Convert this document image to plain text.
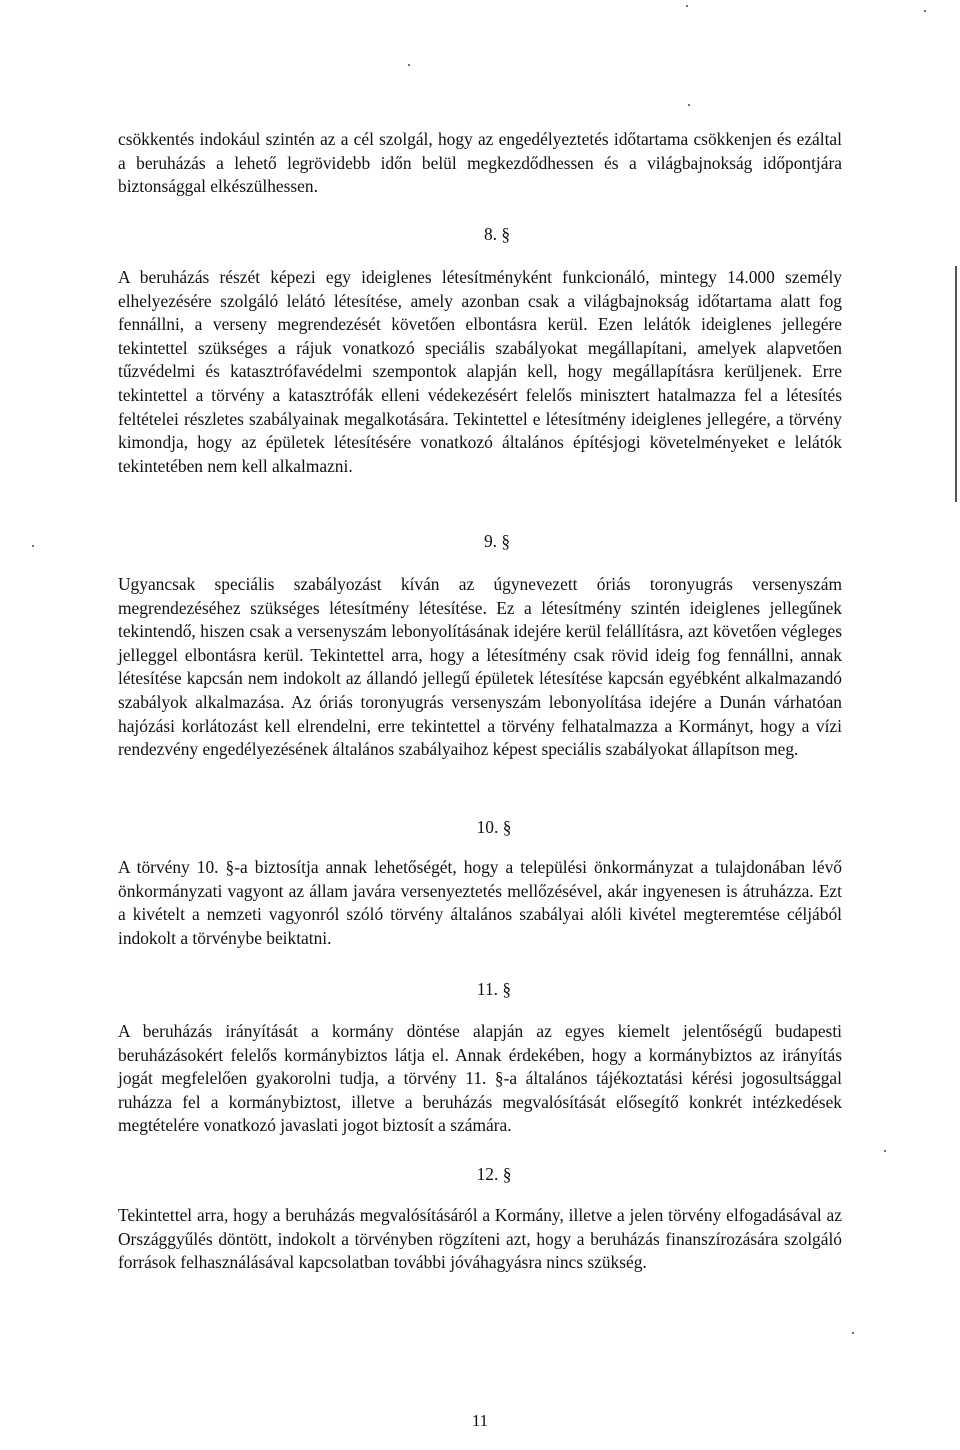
csökkentés indokául szintén az a cél szolgál, hogy az engedélyeztetés időtartama csökkenjen és ezáltal a beruházás a lehető legrövidebb időn belül megkezdődhessen és a világbajnokság időpontjára biztonsággal elkészülhessen.

8. §

A beruházás részét képezi egy ideiglenes létesítményként funkcionáló, mintegy 14.000 személy elhelyezésére szolgáló lelátó létesítése, amely azonban csak a világbajnokság időtartama alatt fog fennállni, a verseny megrendezését követően elbontásra kerül. Ezen lelátók ideiglenes jellegére tekintettel szükséges a rájuk vonatkozó speciális szabályokat megállapítani, amelyek alapvetően tűzvédelmi és katasztrófavédelmi szempontok alapján kell, hogy megállapításra kerüljenek. Erre tekintettel a törvény a katasztrófák elleni védekezésért felelős minisztert hatalmazza fel a létesítés feltételei részletes szabályainak megalkotására. Tekintettel e létesítmény ideiglenes jellegére, a törvény kimondja, hogy az épületek létesítésére vonatkozó általános építésjogi követelményeket e lelátók tekintetében nem kell alkalmazni.

9. §

Ugyancsak speciális szabályozást kíván az úgynevezett óriás toronyugrás versenyszám megrendezéséhez szükséges létesítmény létesítése. Ez a létesítmény szintén ideiglenes jellegűnek tekintendő, hiszen csak a versenyszám lebonyolításának idejére kerül felállításra, azt követően végleges jelleggel elbontásra kerül. Tekintettel arra, hogy a létesítmény csak rövid ideig fog fennállni, annak létesítése kapcsán nem indokolt az állandó jellegű épületek létesítése kapcsán egyébként alkalmazandó szabályok alkalmazása. Az óriás toronyugrás versenyszám lebonyolítása idejére a Dunán várhatóan hajózási korlátozást kell elrendelni, erre tekintettel a törvény felhatalmazza a Kormányt, hogy a vízi rendezvény engedélyezésének általános szabályaihoz képest speciális szabályokat állapítson meg.

10. §

A törvény 10. §-a biztosítja annak lehetőségét, hogy a települési önkormányzat a tulajdonában lévő önkormányzati vagyont az állam javára versenyeztetés mellőzésével, akár ingyenesen is átruházza. Ezt a kivételt a nemzeti vagyonról szóló törvény általános szabályai alóli kivétel megteremtése céljából indokolt a törvénybe beiktatni.

11. §

A beruházás irányítását a kormány döntése alapján az egyes kiemelt jelentőségű budapesti beruházásokért felelős kormánybiztos látja el. Annak érdekében, hogy a kormánybiztos az irányítás jogát megfelelően gyakorolni tudja, a törvény 11. §-a általános tájékoztatási kérési jogosultsággal ruházza fel a kormánybiztost, illetve a beruházás megvalósítását elősegítő konkrét intézkedések megtételére vonatkozó javaslati jogot biztosít a számára.

12. §

Tekintettel arra, hogy a beruházás megvalósításáról a Kormány, illetve a jelen törvény elfogadásával az Országgyűlés döntött, indokolt a törvényben rögzíteni azt, hogy a beruházás finanszírozására szolgáló források felhasználásával kapcsolatban további jóváhagyásra nincs szükség.

11
